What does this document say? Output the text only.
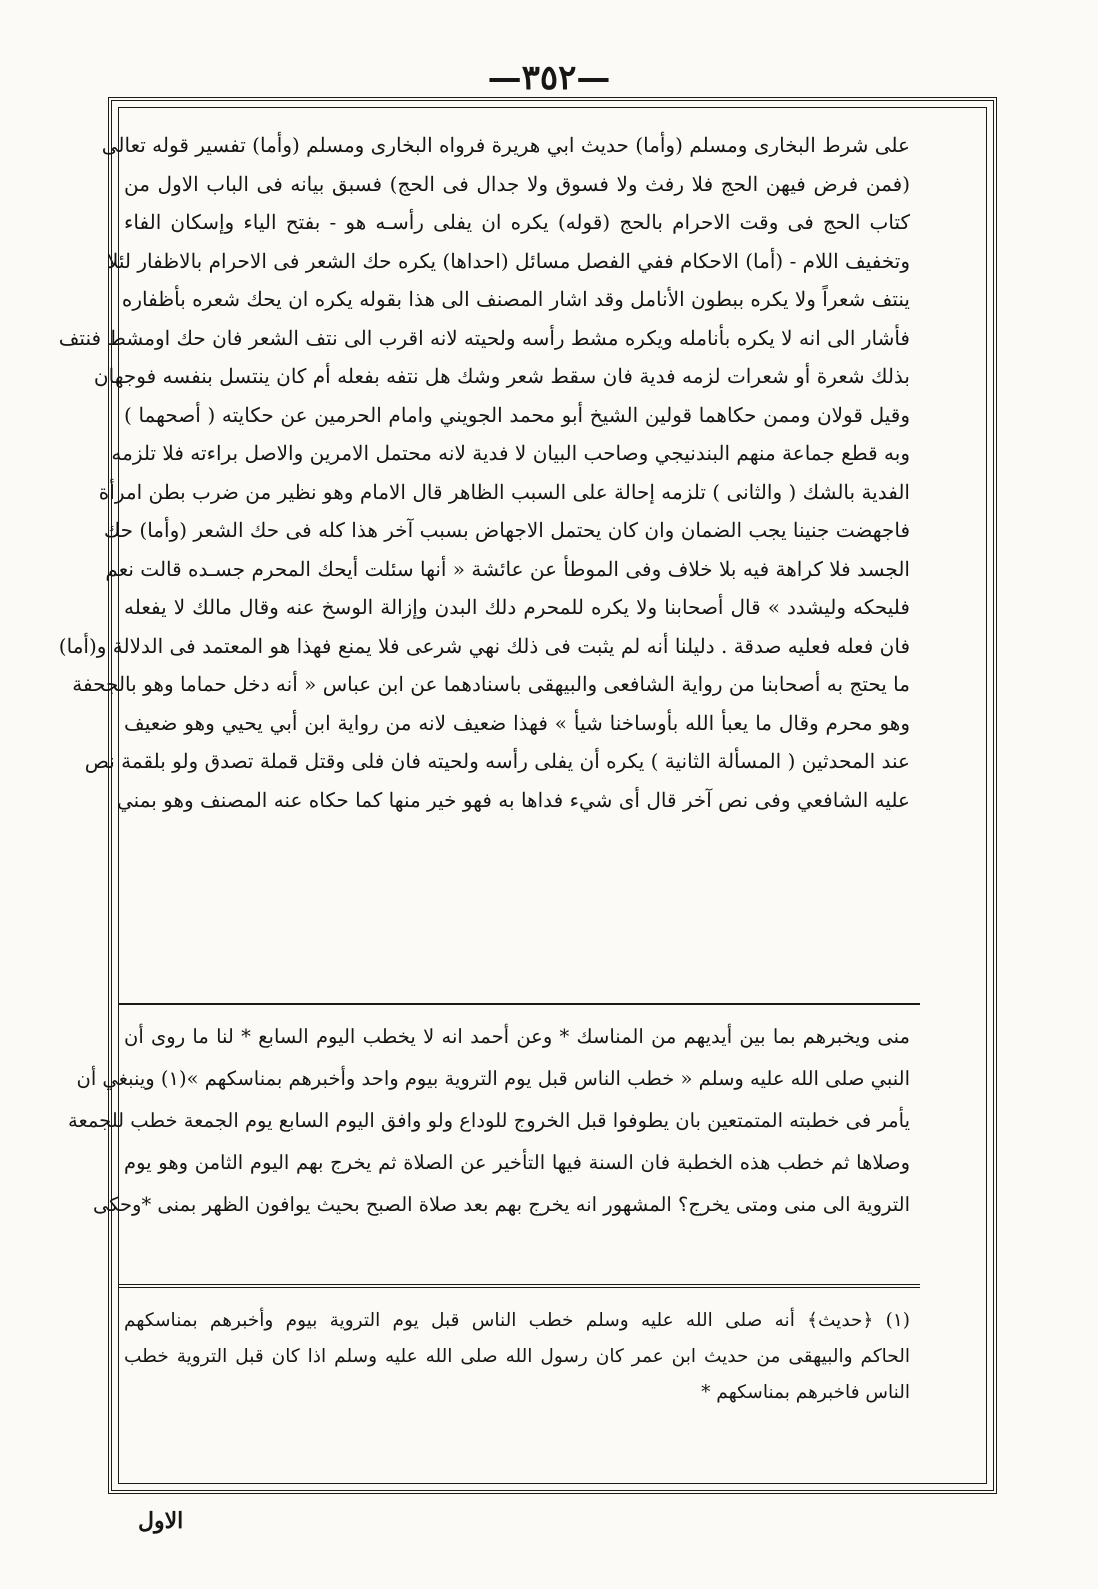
—٣٥٢—
على شرط البخارى ومسلم (وأما) حديث ابي هريرة فرواه البخارى ومسلم (وأما) تفسير قوله تعالى
(فمن فرض فيهن الحج فلا رفث ولا فسوق ولا جدال فى الحج) فسبق بيانه فى الباب الاول من
كتاب الحج فى وقت الاحرام بالحج (قوله) يكره ان يفلى رأسـه هو - بفتح الياء وإسكان الفاء
وتخفيف اللام - (أما) الاحكام ففي الفصل مسائل (احداها) يكره حك الشعر فى الاحرام بالاظفار لئلا
ينتف شعراً ولا يكره ببطون الأنامل وقد اشار المصنف الى هذا بقوله يكره ان يحك شعره بأظفاره
فأشار الى انه لا يكره بأنامله ويكره مشط رأسه ولحيته لانه اقرب الى نتف الشعر فان حك اومشط فنتف
بذلك شعرة أو شعرات لزمه فدية فان سقط شعر وشك هل نتفه بفعله أم كان ينتسل بنفسه فوجهان
وقيل قولان وممن حكاهما قولين الشيخ أبو محمد الجويني وامام الحرمين عن حكايته ( أصحهما )
وبه قطع جماعة منهم البندنيجي وصاحب البيان لا فدية لانه محتمل الامرين والاصل براءته فلا تلزمه
الفدية بالشك ( والثانى ) تلزمه إحالة على السبب الظاهر قال الامام وهو نظير من ضرب بطن امرأة
فاجهضت جنينا يجب الضمان وان كان يحتمل الاجهاض بسبب آخر هذا كله فى حك الشعر (وأما) حك
الجسد فلا كراهة فيه بلا خلاف وفى الموطأ عن عائشة « أنها سئلت أيحك المحرم جسـده قالت نعم
فليحكه وليشدد » قال أصحابنا ولا يكره للمحرم دلك البدن وإزالة الوسخ عنه وقال مالك لا يفعله
فان فعله فعليه صدقة . دليلنا أنه لم يثبت فى ذلك نهي شرعى فلا يمنع فهذا هو المعتمد فى الدلالة و(أما)
ما يحتج به أصحابنا من رواية الشافعى والبيهقى باسنادهما عن ابن عباس « أنه دخل حماما وهو بالجحفة
وهو محرم وقال ما يعبأ الله بأوساخنا شيأ » فهذا ضعيف لانه من رواية ابن أبي يحيي وهو ضعيف
عند المحدثين ( المسألة الثانية ) يكره أن يفلى رأسه ولحيته فان فلى وقتل قملة تصدق ولو بلقمة نص
عليه الشافعي وفى نص آخر قال أى شيء فداها به فهو خير منها كما حكاه عنه المصنف وهو بمني
منى ويخبرهم بما بين أيديهم من المناسك * وعن أحمد انه لا يخطب اليوم السابع * لنا ما روى أن
النبي صلى الله عليه وسلم « خطب الناس قبل يوم التروية بيوم واحد وأخبرهم بمناسكهم »(١) وينبغي أن
يأمر فى خطبته المتمتعين بان يطوفوا قبل الخروج للوداع ولو وافق اليوم السابع يوم الجمعة خطب للجمعة
وصلاها ثم خطب هذه الخطبة فان السنة فيها التأخير عن الصلاة ثم يخرج بهم اليوم الثامن وهو يوم
التروية الى منى ومتى يخرج؟ المشهور انه يخرج بهم بعد صلاة الصبح بحيث يوافون الظهر بمنى *وحكى
(١) ﴿حديث﴾ أنه صلى الله عليه وسلم خطب الناس قبل يوم التروية بيوم وأخبرهم بمناسكهم
الحاكم والبيهقى من حديث ابن عمر كان رسول الله صلى الله عليه وسلم اذا كان قبل التروية خطب
الناس فاخبرهم بمناسكهم *
الاول
